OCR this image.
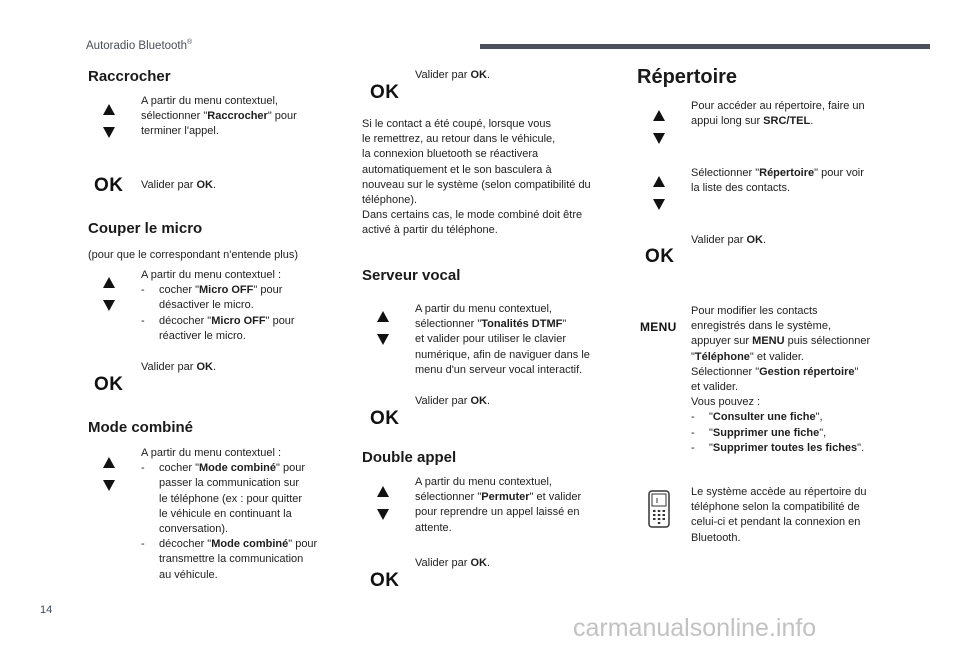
Autoradio Bluetooth®
Raccrocher
A partir du menu contextuel,
sélectionner "Raccrocher" pour
terminer l'appel.
OK Valider par OK.
Couper le micro
(pour que le correspondant n'entende plus)
A partir du menu contextuel :
- cocher "Micro OFF" pour
désactiver le micro.
- décocher "Micro OFF" pour
réactiver le micro.
Valider par OK.
OK
Mode combiné
A partir du menu contextuel :
- cocher "Mode combiné" pour
passer la communication sur
le téléphone (ex : pour quitter
le véhicule en continuant la
conversation).
- décocher "Mode combiné" pour
transmettre la communication
au véhicule.
OK
Valider par OK.
Si le contact a été coupé, lorsque vous
le remettrez, au retour dans le véhicule,
la connexion bluetooth se réactivera
automatiquement et le son basculera à
nouveau sur le système (selon compatibilité du
téléphone).
Dans certains cas, le mode combiné doit être
activé à partir du téléphone.
Serveur vocal
A partir du menu contextuel,
sélectionner "Tonalités DTMF"
et valider pour utiliser le clavier
numérique, afin de naviguer dans le
menu d'un serveur vocal interactif.
Valider par OK.
OK
Double appel
A partir du menu contextuel,
sélectionner "Permuter" et valider
pour reprendre un appel laissé en
attente.
Valider par OK.
OK
Répertoire
Pour accéder au répertoire, faire un
appui long sur SRC/TEL.
Sélectionner "Répertoire" pour voir
la liste des contacts.
Valider par OK.
OK
MENU
Pour modifier les contacts
enregistrés dans le système,
appuyer sur MENU puis sélectionner
"Téléphone" et valider.
Sélectionner "Gestion répertoire"
et valider.
Vous pouvez :
- "Consulter une fiche",
- "Supprimer une fiche",
- "Supprimer toutes les fiches".
Le système accède au répertoire du
téléphone selon la compatibilité de
celui-ci et pendant la connexion en
Bluetooth.
14
carmanualsonline.info
